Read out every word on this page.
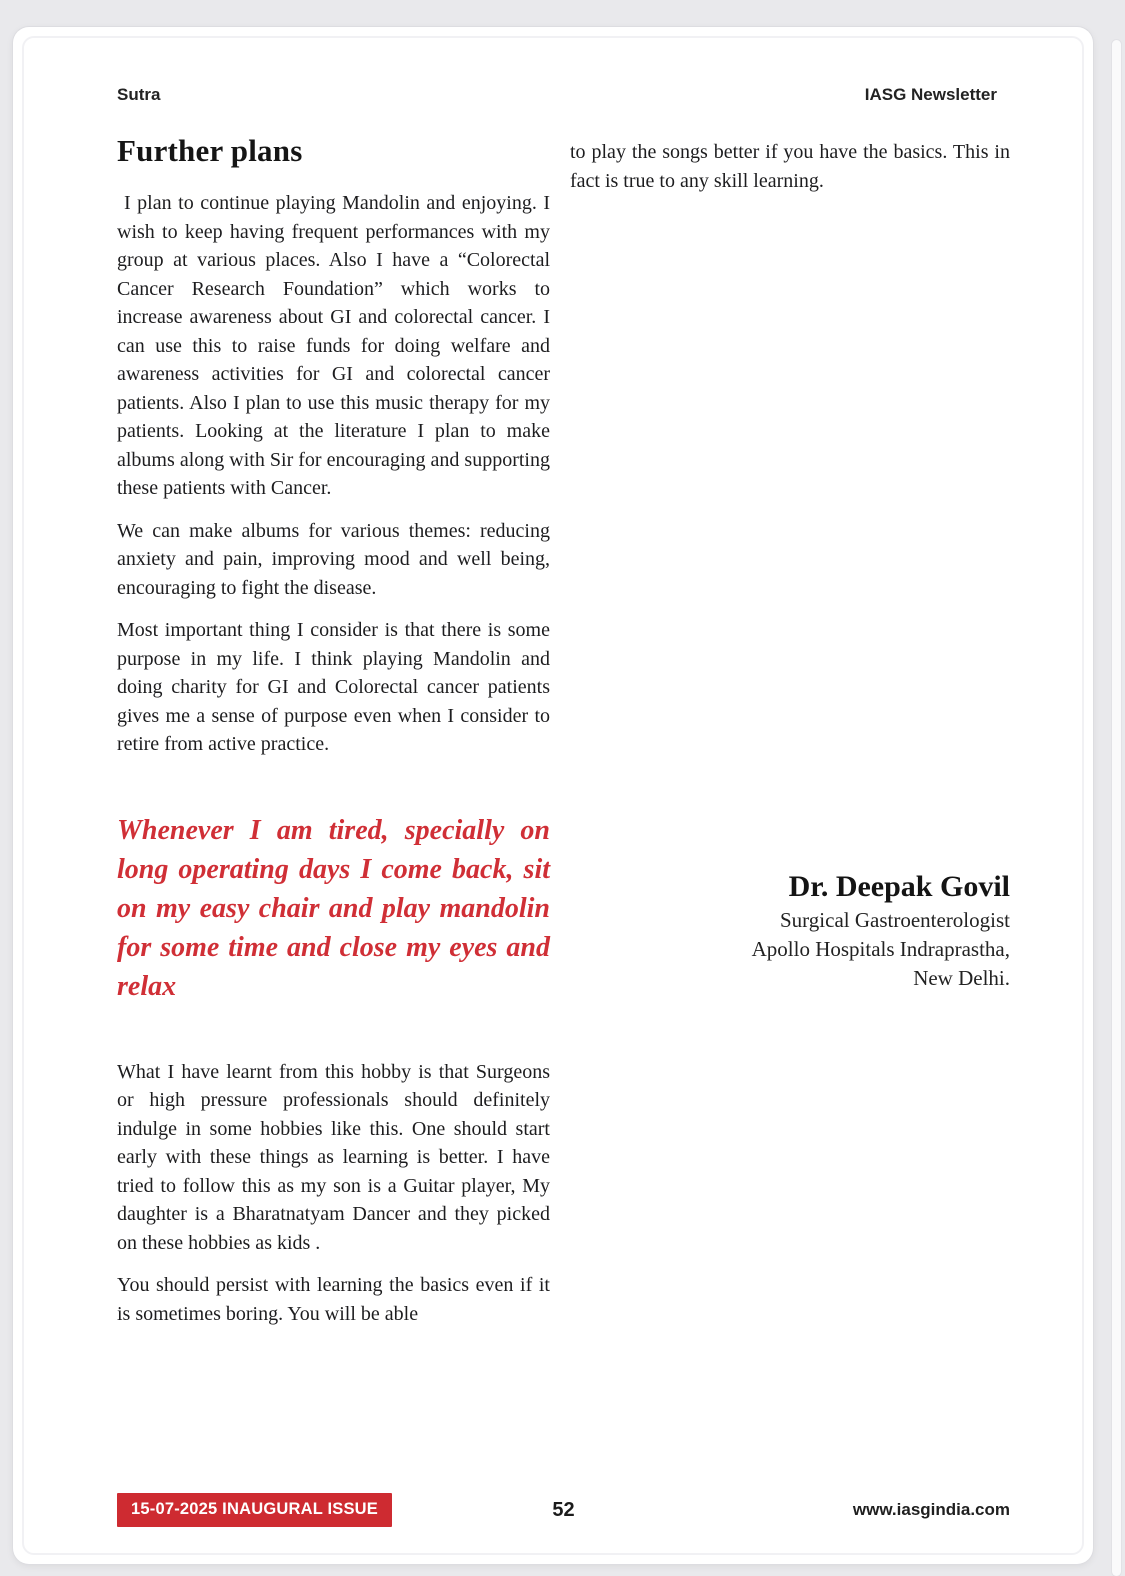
Sutra	IASG Newsletter
Further plans

I plan to continue playing Mandolin and enjoying. I wish to keep having frequent performances with my group at various places. Also I have a “Colorectal Cancer Research Foundation” which works to increase awareness about GI and colorectal cancer. I can use this to raise funds for doing welfare and awareness activities for GI and colorectal cancer patients. Also I plan to use this music therapy for my patients. Looking at the literature I plan to make albums along with Sir for encouraging and supporting these patients with Cancer.

We can make albums for various themes: reducing anxiety and pain, improving mood and well being, encouraging to fight the disease.

Most important thing I consider is that there is some purpose in my life. I think playing Mandolin and doing charity for GI and Colorectal cancer patients gives me a sense of purpose even when I consider to retire from active practice.

Whenever I am tired, specially on long operating days I come back, sit on my easy chair and play mandolin for some time and close my eyes and relax

What I have learnt from this hobby is that Surgeons or high pressure professionals should definitely indulge in some hobbies like this. One should start early with these things as learning is better. I have tried to follow this as my son is a Guitar player, My daughter is a Bharatnatyam Dancer and they picked on these hobbies as kids .

You should persist with learning the basics even if it is sometimes boring. You will be able

to play the songs better if you have the basics. This in fact is true to any skill learning.

Dr. Deepak Govil

Surgical Gastroenterologist

Apollo Hospitals Indraprastha,

New Delhi.

15-07-2025 INAUGURAL ISSUE	52	www.iasgindia.com
